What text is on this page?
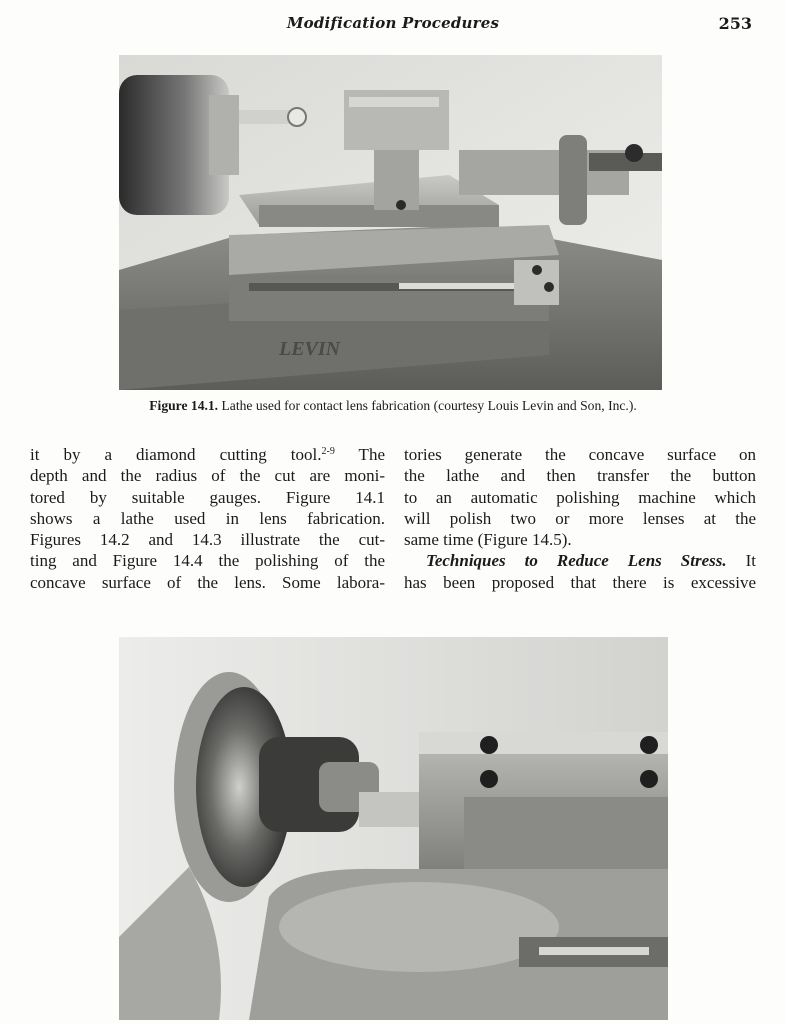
Modification Procedures	253
LEVIN
Figure 14.1. Lathe used for contact lens fabrication (courtesy Louis Levin and Son, Inc.).
it by a diamond cutting tool.$^{2-9}$ The
depth and the radius of the cut are moni-
tored by suitable gauges. Figure 14.1
shows a lathe used in lens fabrication.
Figures 14.2 and 14.3 illustrate the cut-
ting and Figure 14.4 the polishing of the
concave surface of the lens. Some labora-
tories generate the concave surface on
the lathe and then transfer the button
to an automatic polishing machine which
will polish two or more lenses at the
same time (Figure 14.5).
Techniques to Reduce Lens Stress. It
has been proposed that there is excessive
